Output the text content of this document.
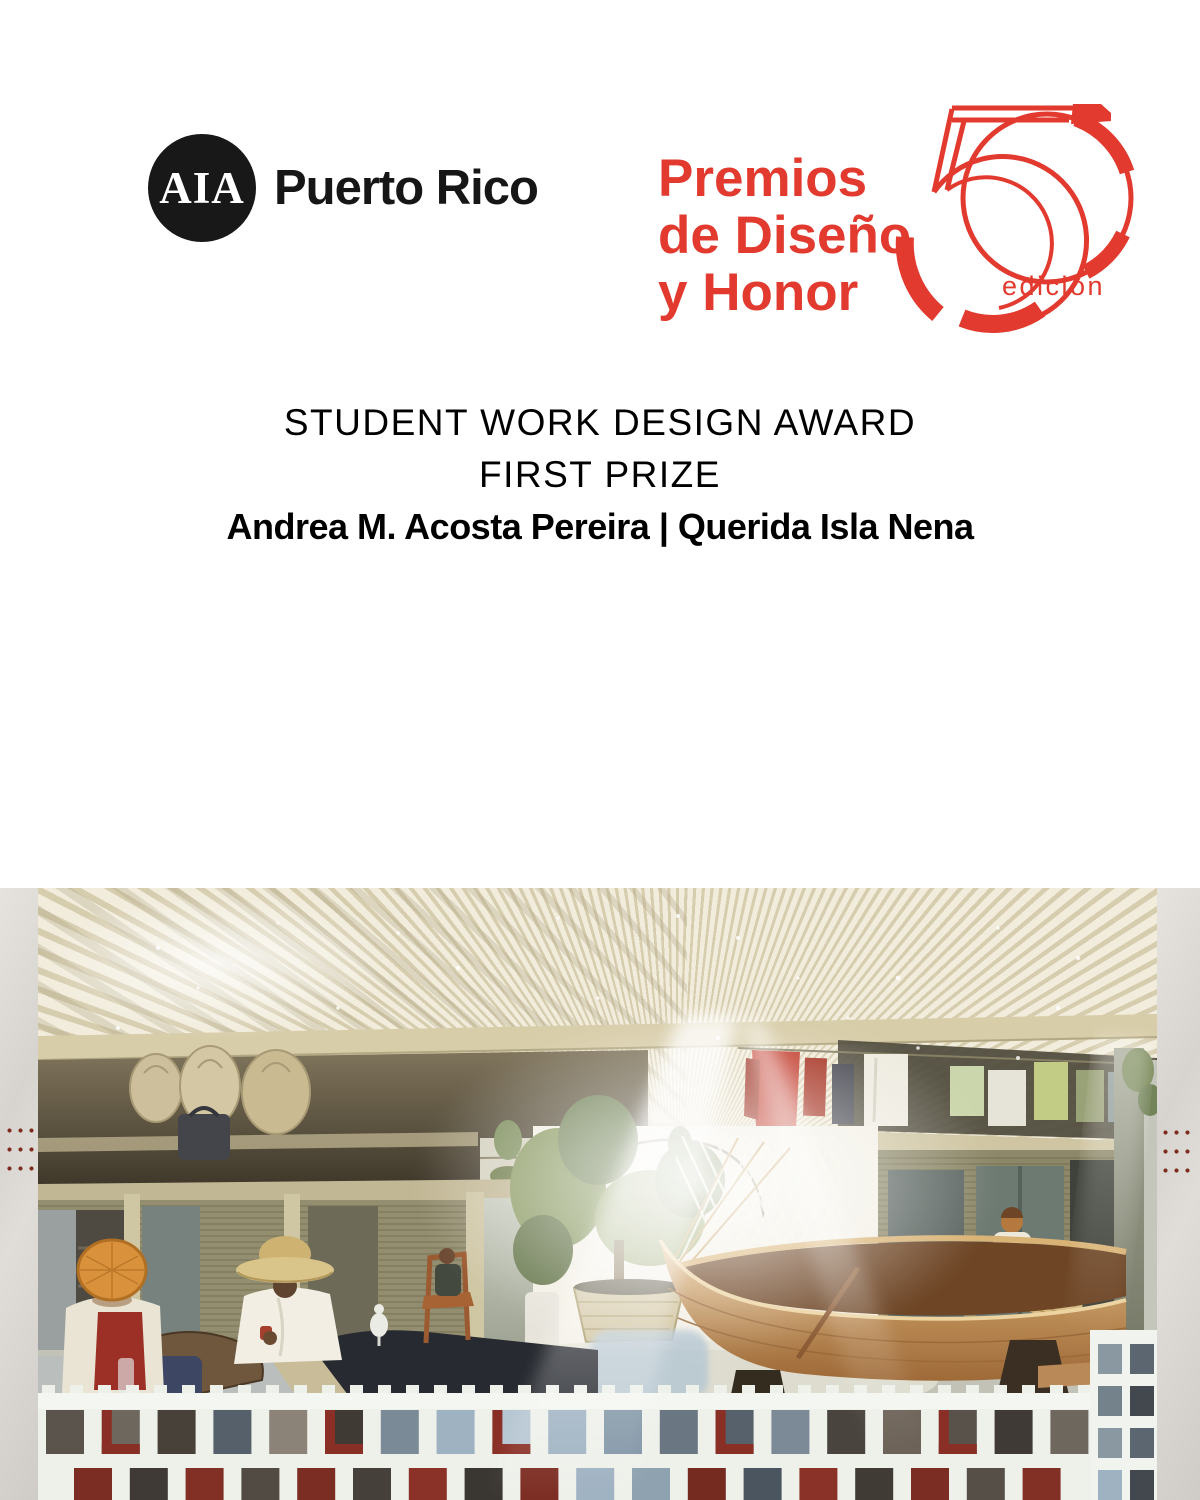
AIA Puerto Rico Premios
de Diseño
y Honor	edición
STUDENT WORK DESIGN AWARD
FIRST PRIZE
Andrea M. Acosta Pereira | Querida Isla Nena
